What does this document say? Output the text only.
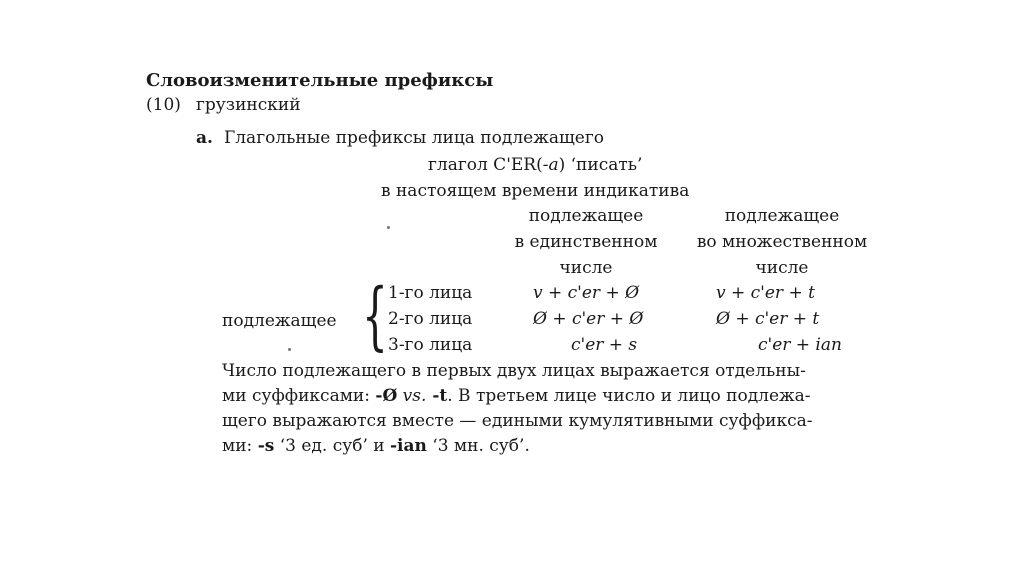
Словоизменительные префиксы
(10) грузинский
а. Глагольные префиксы лица подлежащего
глагол C'ER(-a) ‘писать’
в настоящем времени индикатива
подлежащее
в единственном
числе
подлежащее
во множественном
числе
подлежащее { 1-го лица
2-го лица
3-го лица
v + c'er + Ø
Ø + c'er + Ø
c'er + s
v + c'er + t
Ø + c'er + t
c'er + ian
Число подлежащего в первых двух лицах выражается отдельны-
ми суффиксами: -Ø vs. -t. В третьем лице число и лицо подлежа-
щего выражаются вместе — едиными кумулятивными суффикса-
ми: -s ‘3 ед. суб’ и -ian ‘3 мн. суб’.
